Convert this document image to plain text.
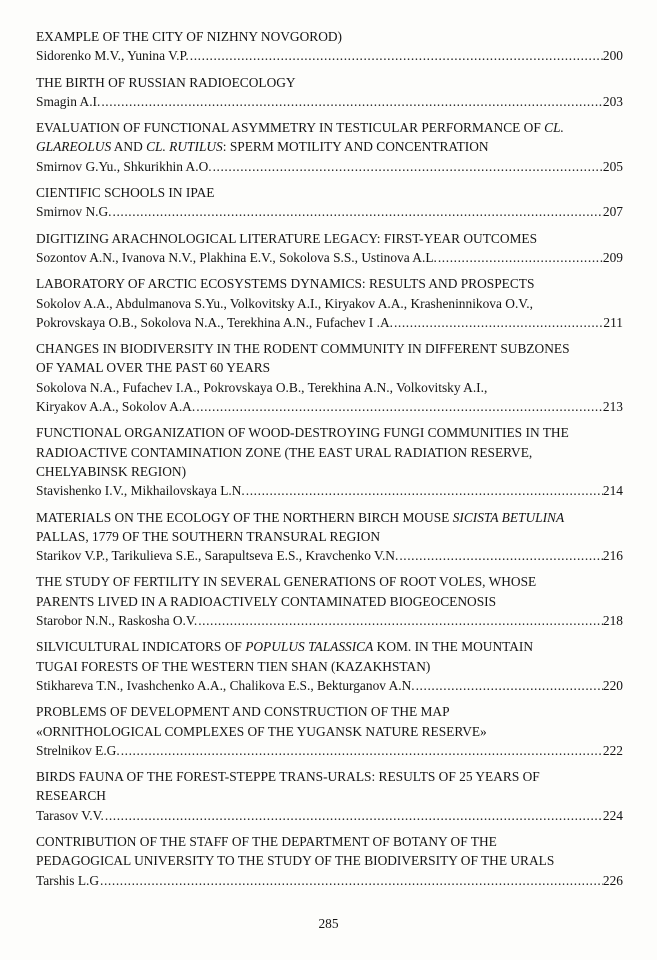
EXAMPLE OF THE CITY OF NIZHNY NOVGOROD)
Sidorenko M.V., Yunina V.P. .....	200
THE BIRTH OF RUSSIAN RADIOECOLOGY
Smagin A.I. .....	203
EVALUATION OF FUNCTIONAL ASYMMETRY IN TESTICULAR PERFORMANCE OF CL.
GLAREOLUS AND CL. RUTILUS: SPERM MOTILITY AND CONCENTRATION
Smirnov G.Yu., Shkurikhin A.O. .....	205
CIENTIFIC SCHOOLS IN IPAE
Smirnov N.G. .....	207
DIGITIZING ARACHNOLOGICAL LITERATURE LEGACY: FIRST-YEAR OUTCOMES
Sozontov A.N., Ivanova N.V., Plakhina E.V., Sokolova S.S., Ustinova A.L. .....	209
LABORATORY OF ARCTIC ECOSYSTEMS DYNAMICS: RESULTS AND PROSPECTS
Sokolov A.A., Abdulmanova S.Yu., Volkovitsky A.I., Kiryakov A.A., Krasheninnikova O.V.,
Pokrovskaya O.B., Sokolova N.A., Terekhina A.N., Fufachev I .A. .....	211
CHANGES IN BIODIVERSITY IN THE RODENT COMMUNITY IN DIFFERENT SUBZONES
OF YAMAL OVER THE PAST 60 YEARS
Sokolova N.A., Fufachev I.A., Pokrovskaya O.B., Terekhina A.N., Volkovitsky A.I.,
Kiryakov A.A., Sokolov A.A. .....	213
FUNCTIONAL ORGANIZATION OF WOOD-DESTROYING FUNGI COMMUNITIES IN THE
RADIOACTIVE CONTAMINATION ZONE (THE EAST URAL RADIATION RESERVE,
CHELYABINSK REGION)
Stavishenko I.V., Mikhailovskaya L.N. .....	214
MATERIALS ON THE ECOLOGY OF THE NORTHERN BIRCH MOUSE SICISTA BETULINA
PALLAS, 1779 OF THE SOUTHERN TRANSURAL REGION
Starikov V.P., Tarikulieva S.E., Sarapultseva E.S., Kravchenko V.N. .....	216
THE STUDY OF FERTILITY IN SEVERAL GENERATIONS OF ROOT VOLES, WHOSE
PARENTS LIVED IN A RADIOACTIVELY CONTAMINATED BIOGEOCENOSIS
Starobor N.N., Raskosha O.V. .....	218
SILVICULTURAL INDICATORS OF POPULUS TALASSICA KOM. IN THE MOUNTAIN
TUGAI FORESTS OF THE WESTERN TIEN SHAN (KAZAKHSTAN)
Stikhareva T.N., Ivashchenko A.A., Chalikova E.S., Bekturganov A.N. .....	220
PROBLEMS OF DEVELOPMENT AND CONSTRUCTION OF THE MAP
«ORNITHOLOGICAL COMPLEXES OF THE YUGANSK NATURE RESERVE»
Strelnikov E.G. .....	222
BIRDS FAUNA OF THE FOREST-STEPPE TRANS-URALS: RESULTS OF 25 YEARS OF
RESEARCH
Tarasov V.V. .....	224
CONTRIBUTION OF THE STAFF OF THE DEPARTMENT OF BOTANY OF THE
PEDAGOGICAL UNIVERSITY TO THE STUDY OF THE BIODIVERSITY OF THE URALS
Tarshis L.G .....	226
285
